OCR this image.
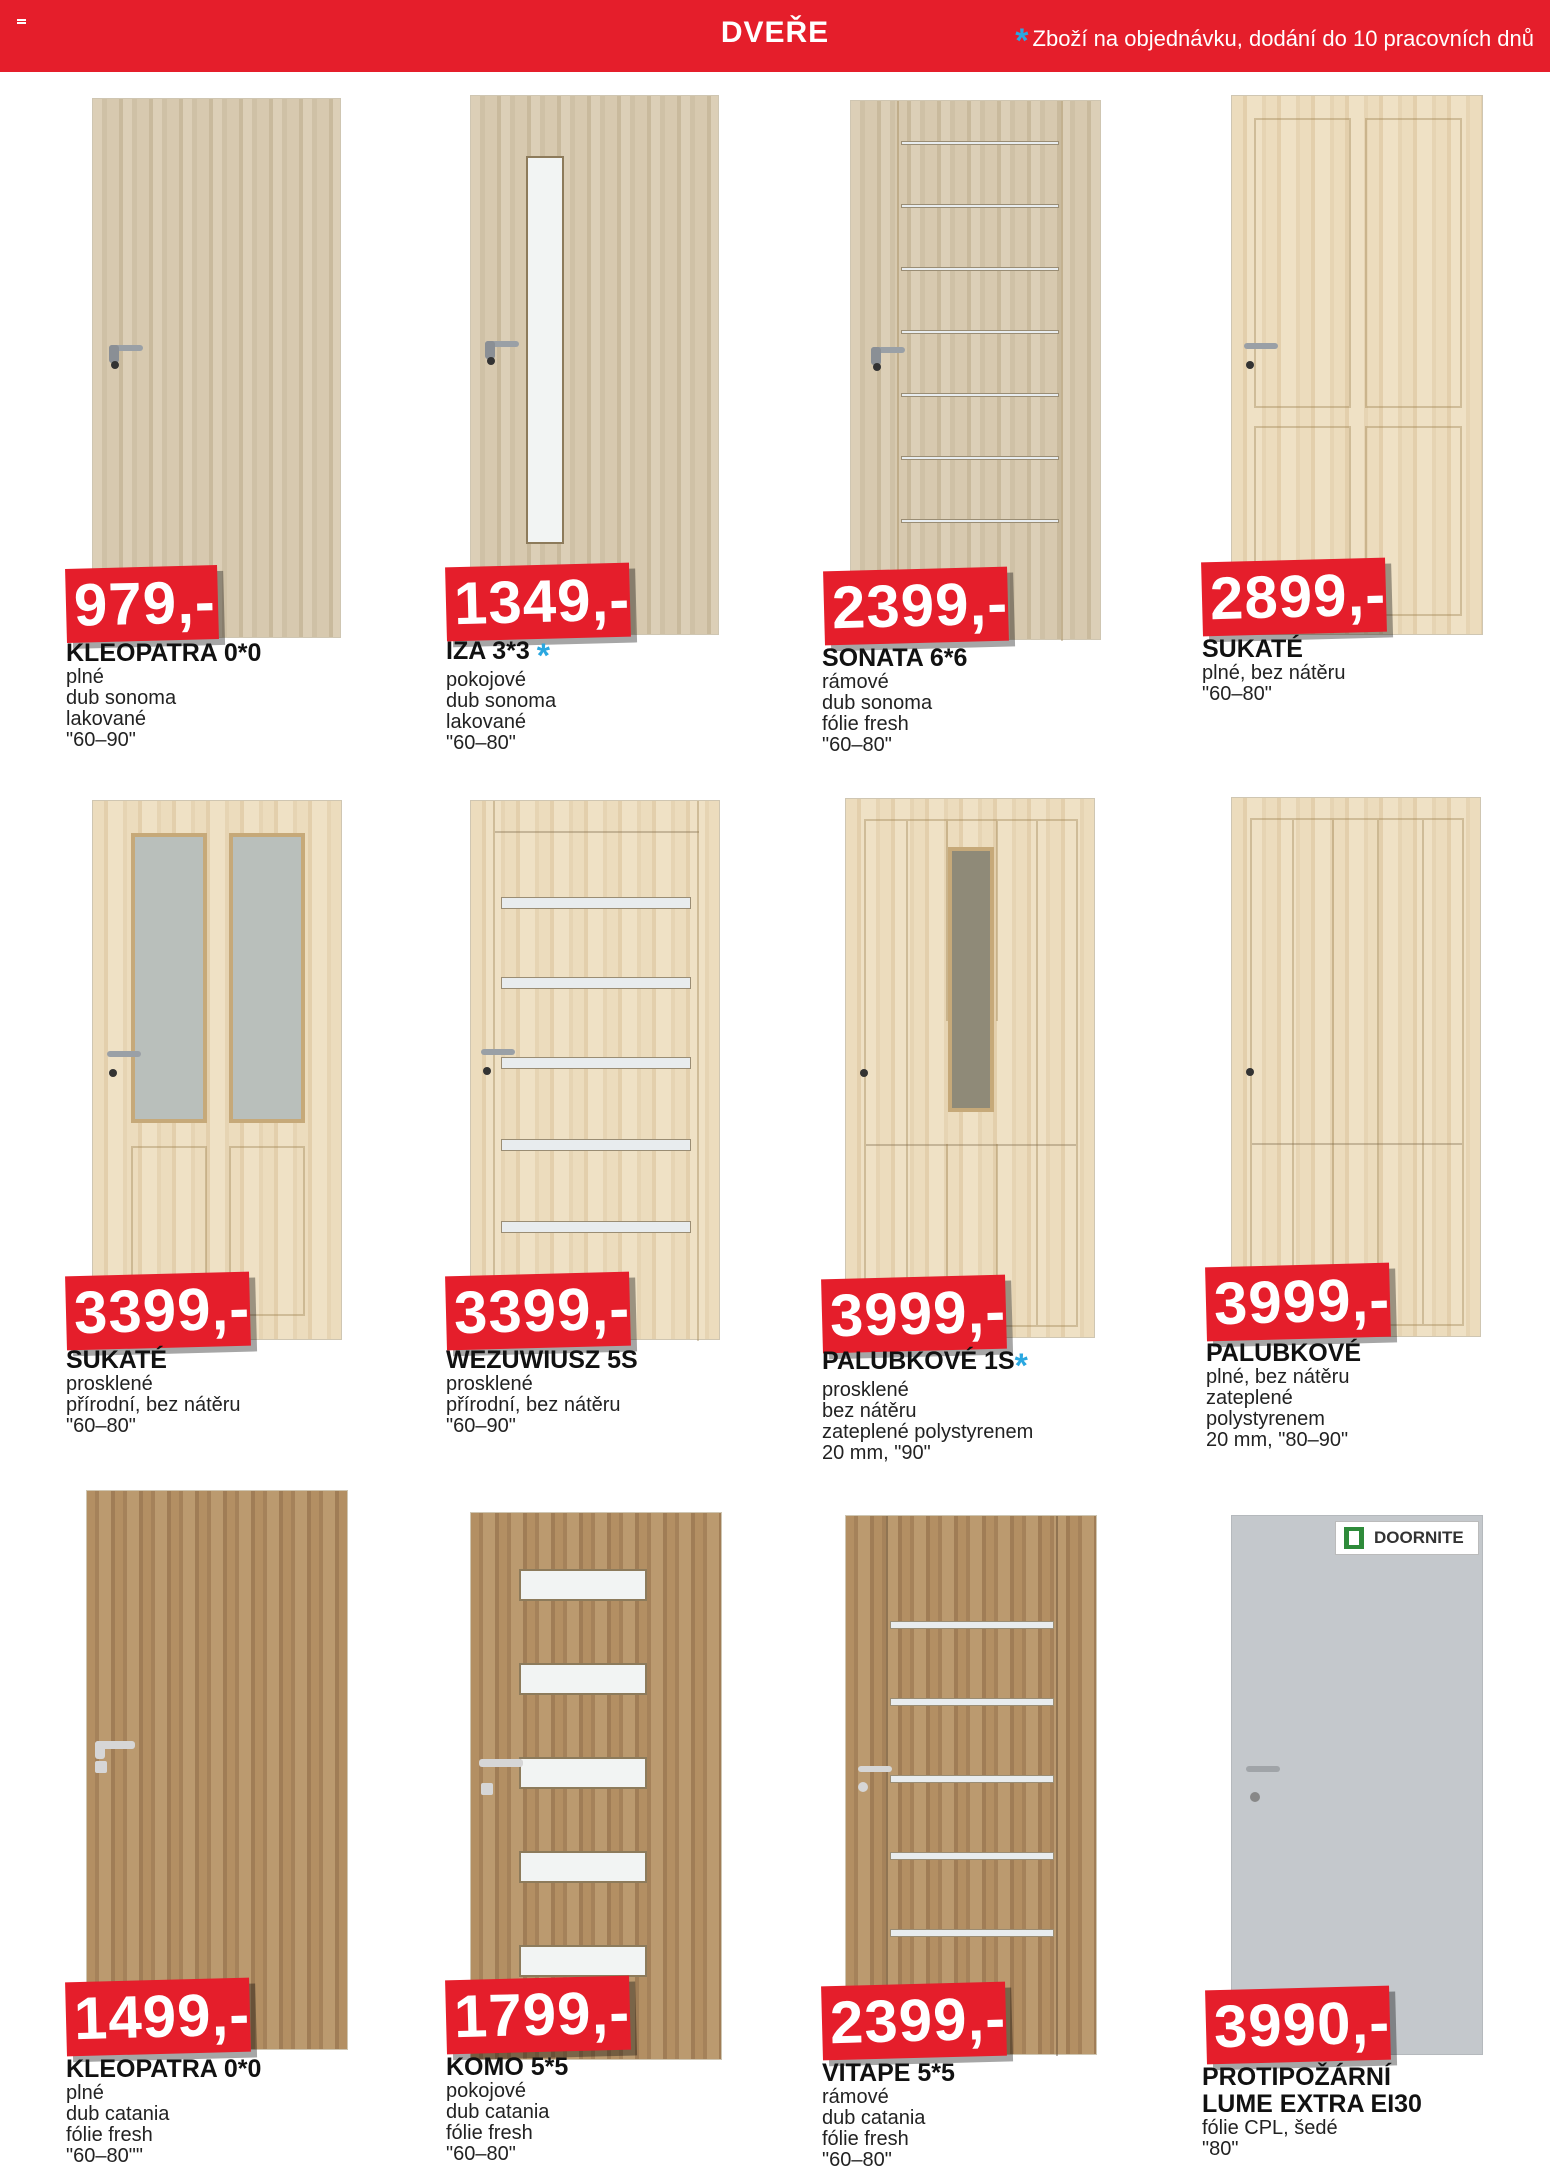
DVEŘE	* Zboží na objednávku, dodání do 10 pracovních dnů
979,-
KLEOPATRA 0*0
plné
dub sonoma
lakované
"60–90"
1349,-
IZA 3*3 *
pokojové
dub sonoma
lakované
"60–80"
2399,-
SONATA 6*6
rámové
dub sonoma
fólie fresh
"60–80"
2899,-
SUKATÉ
plné, bez nátěru
"60–80"
3399,-
SUKATÉ
prosklené
přírodní, bez nátěru
"60–80"
3399,-
WEZUWIUSZ 5S
prosklené
přírodní, bez nátěru
"60–90"
3999,-
PALUBKOVÉ 1S*
prosklené
bez nátěru
zateplené polystyrenem
20 mm, "90"
3999,-
PALUBKOVÉ
plné, bez nátěru
zateplené
polystyrenem
20 mm, "80–90"
1499,-
KLEOPATRA 0*0
plné
dub catania
fólie fresh
"60–80""
1799,-
KOMO 5*5
pokojové
dub catania
fólie fresh
"60–80"
2399,-
VITAPE 5*5
rámové
dub catania
fólie fresh
"60–80"
DOORNITE
3990,-
PROTIPOŽÁRNÍ
LUME EXTRA EI30
fólie CPL, šedé
"80"
